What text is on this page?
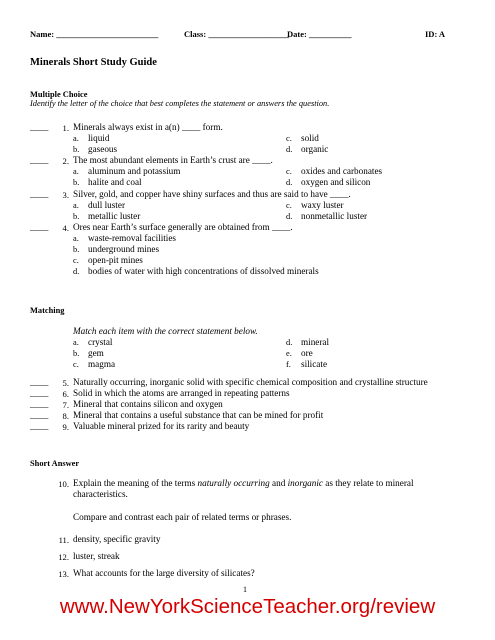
Name: ________________________	Class: ___________________
Date: __________	ID: A
Minerals Short Study Guide
Multiple Choice
Identify the letter of the choice that best completes the statement or answers the question.
____	1. Minerals always exist in a(n) ____ form.
a. liquid	c. solid
b. gaseous	d. organic
____	2. The most abundant elements in Earth’s crust are ____.
a. aluminum and potassium	c. oxides and carbonates
b. halite and coal	d. oxygen and silicon
____	3. Silver, gold, and copper have shiny surfaces and thus are said to have ____.
a. dull luster	c. waxy luster
b. metallic luster	d. nonmetallic luster
____	4. Ores near Earth’s surface generally are obtained from ____.
a. waste-removal facilities
b. underground mines
c. open-pit mines
d. bodies of water with high concentrations of dissolved minerals
Matching
Match each item with the correct statement below.
a. crystal	d. mineral
b. gem	e. ore
c. magma	f. silicate
____	5. Naturally occurring, inorganic solid with specific chemical composition and crystalline structure
____	6. Solid in which the atoms are arranged in repeating patterns
____	7. Mineral that contains silicon and oxygen
____	8. Mineral that contains a useful substance that can be mined for profit
____	9. Valuable mineral prized for its rarity and beauty
Short Answer
10. Explain the meaning of the terms naturally occurring and inorganic as they relate to mineral
characteristics.
Compare and contrast each pair of related terms or phrases.
11. density, specific gravity
12. luster, streak
13. What accounts for the large diversity of silicates?
1
www.NewYorkScienceTeacher.org/review
